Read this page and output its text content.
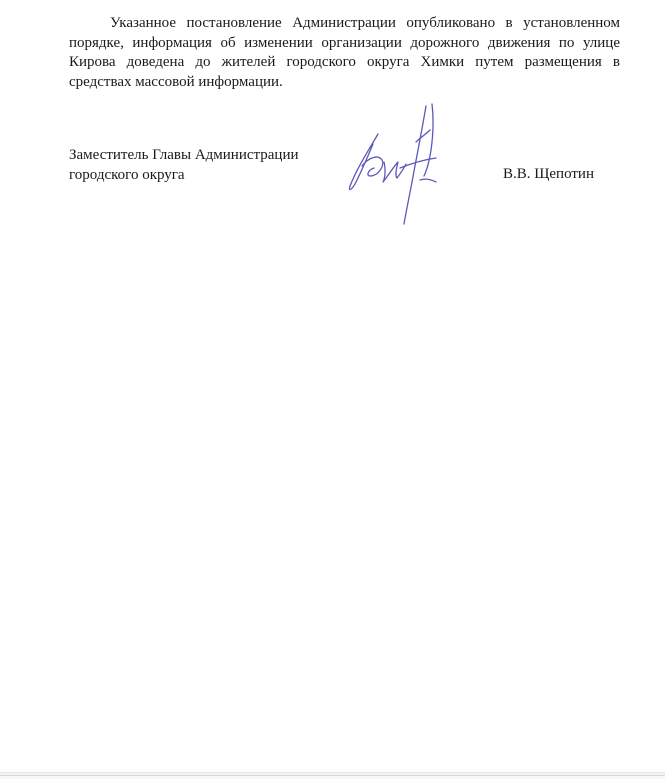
Указанное постановление Администрации опубликовано в установленном порядке, информация об изменении организации дорожного движения по улице Кирова доведена до жителей городского округа Химки путем размещения в средствах массовой информации.

Заместитель Главы Администрации
городского округа	В.В. Щепотин
